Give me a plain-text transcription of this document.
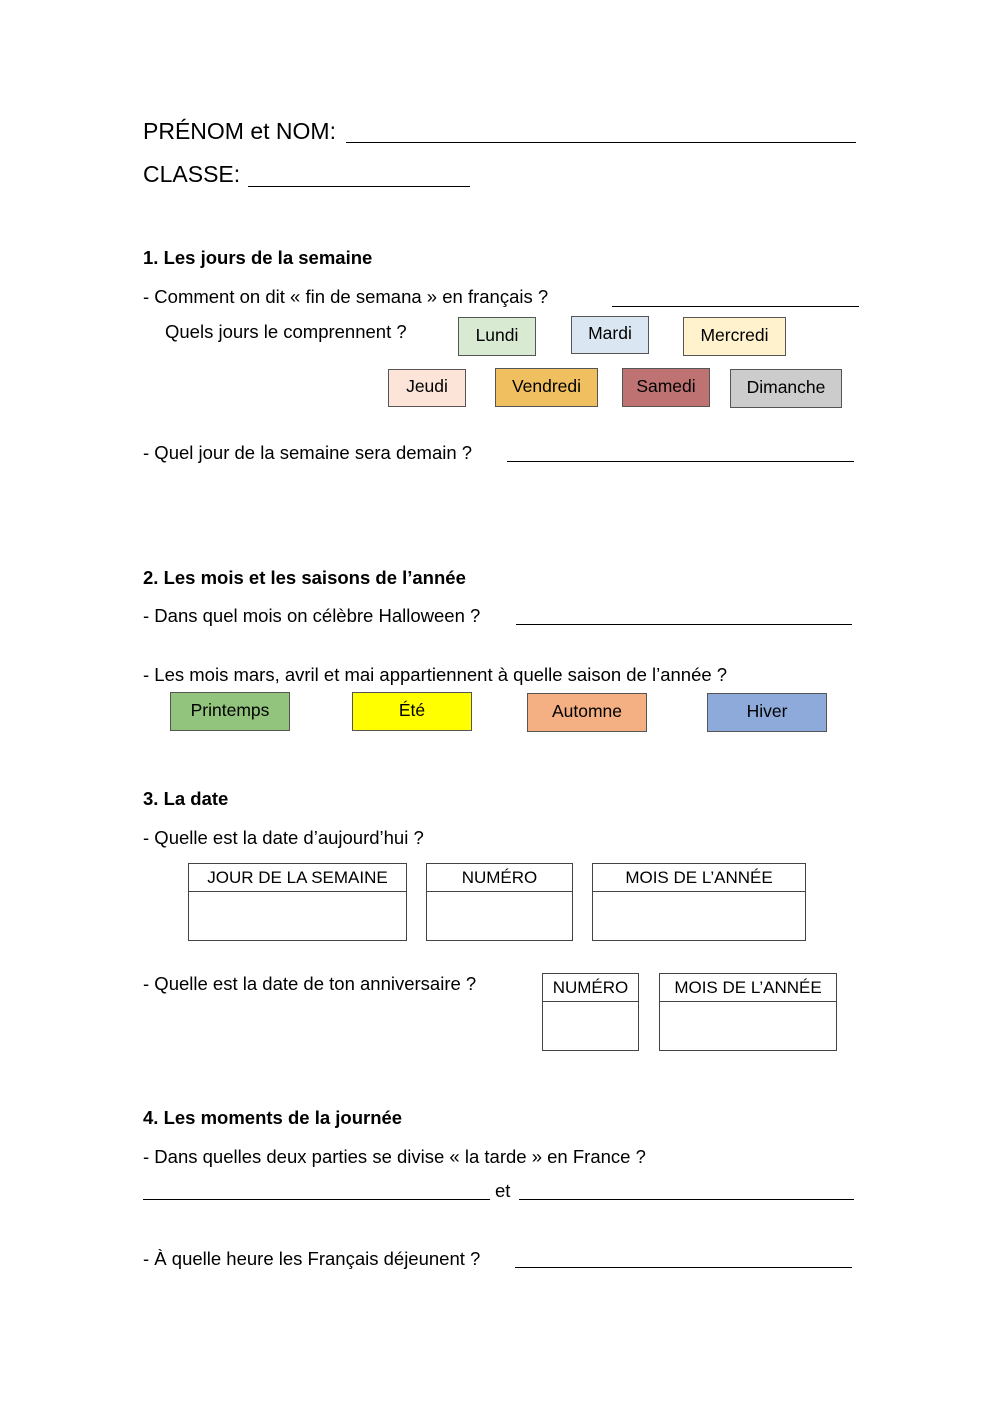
PRÉNOM et NOM:
CLASSE:
1. Les jours de la semaine
- Comment on dit « fin de semana » en français ?
Quels jours le comprennent ?	Lundi	Mardi	Mercredi
Jeudi	Vendredi	Samedi	Dimanche
- Quel jour de la semaine sera demain ?
2. Les mois et les saisons de l’année
- Dans quel mois on célèbre Halloween ?
- Les mois mars, avril et mai appartiennent à quelle saison de l’année ?
Printemps	Été	Automne	Hiver
3. La date
- Quelle est la date d’aujourd’hui ?
JOUR DE LA SEMAINE	NUMÉRO	MOIS DE L’ANNÉE
- Quelle est la date de ton anniversaire ?	NUMÉRO	MOIS DE L’ANNÉE
4. Les moments de la journée
- Dans quelles deux parties se divise « la tarde » en France ?
et
- À quelle heure les Français déjeunent ?
